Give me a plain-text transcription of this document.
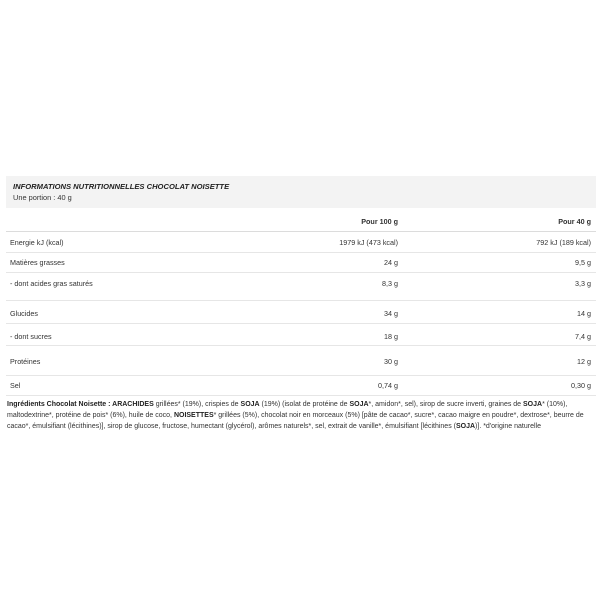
INFORMATIONS NUTRITIONNELLES CHOCOLAT NOISETTE
Une portion : 40 g
Pour 100 g	Pour 40 g
Energie kJ (kcal)	1979 kJ (473 kcal)	792 kJ (189 kcal)
Matières grasses	24 g	9,5 g
- dont acides gras saturés	8,3 g	3,3 g
Glucides	34 g	14 g
- dont sucres	18 g	7,4 g
Protéines	30 g	12 g
Sel	0,74 g	0,30 g
Ingrédients Chocolat Noisette : ARACHIDES grillées* (19%), crispies de SOJA (19%) (isolat de protéine de SOJA*, amidon*, sel), sirop de sucre inverti, graines de SOJA* (10%), maltodextrine*, protéine de pois* (6%), huile de coco, NOISETTES* grillées (5%), chocolat noir en morceaux (5%) [pâte de cacao*, sucre*, cacao maigre en poudre*, dextrose*, beurre de cacao*, émulsifiant (lécithines)], sirop de glucose, fructose, humectant (glycérol), arômes naturels*, sel, extrait de vanille*, émulsifiant [lécithines (SOJA)]. *d'origine naturelle
